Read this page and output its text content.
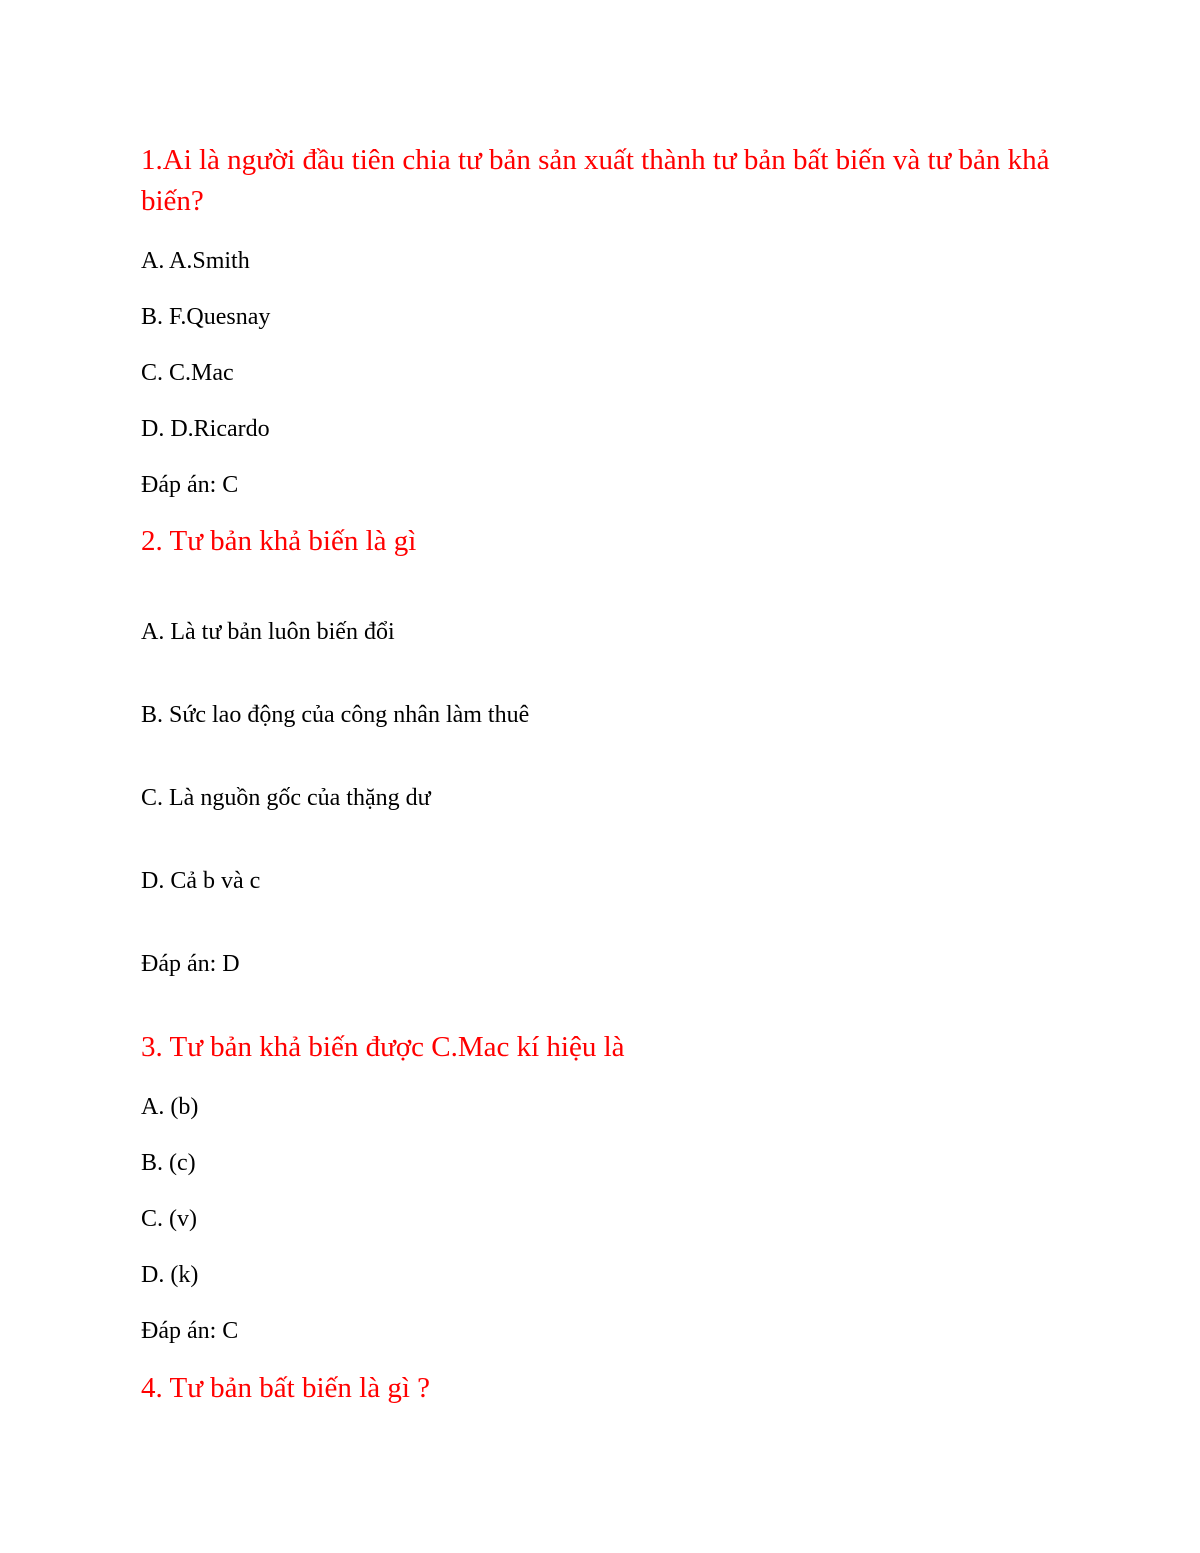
1.Ai là người đầu tiên chia tư bản sản xuất thành tư bản bất biến và tư bản khả biến?

A. A.Smith

B. F.Quesnay

C. C.Mac

D. D.Ricardo

Đáp án: C

2. Tư bản khả biến là gì

A. Là tư bản luôn biến đổi

B. Sức lao động của công nhân làm thuê

C. Là nguồn gốc của thặng dư

D. Cả b và c

Đáp án: D

3. Tư bản khả biến được C.Mac kí hiệu là

A. (b)

B. (c)

C. (v)

D. (k)

Đáp án: C

4. Tư bản bất biến là gì ?
